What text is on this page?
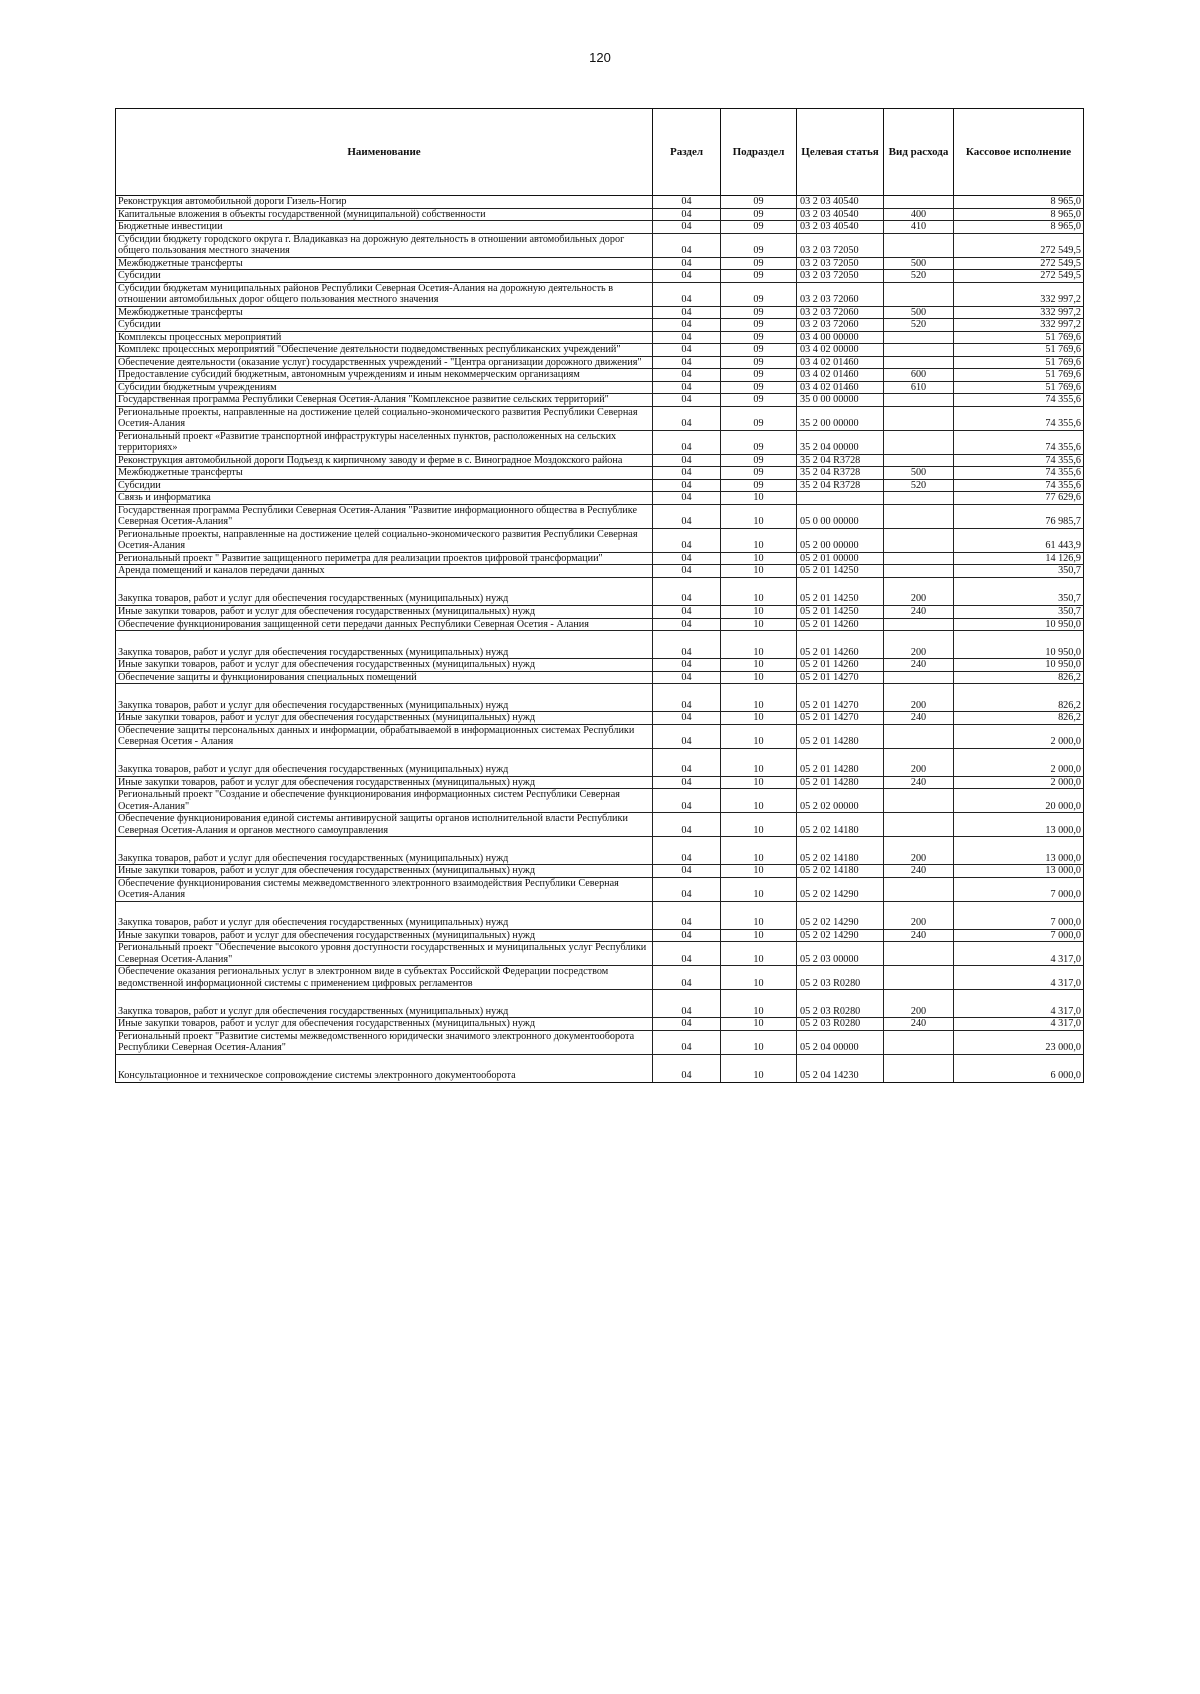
120
Наименование	Раздел	Подраздел	Целевая статья	Вид расхода	Кассовое исполнение
Реконструкция автомобильной дороги Гизель-Ногир	04	09	03 2 03 40540		8 965,0
Капитальные вложения в объекты государственной (муниципальной) собственности	04	09	03 2 03 40540	400	8 965,0
Бюджетные инвестиции	04	09	03 2 03 40540	410	8 965,0
Субсидии бюджету городского округа г. Владикавказ на дорожную деятельность в отношении автомобильных дорог общего пользования местного значения	04	09	03 2 03 72050		272 549,5
Межбюджетные трансферты	04	09	03 2 03 72050	500	272 549,5
Субсидии	04	09	03 2 03 72050	520	272 549,5
Субсидии бюджетам муниципальных районов Республики Северная Осетия-Алания на дорожную деятельность в отношении автомобильных дорог общего пользования местного значения	04	09	03 2 03 72060		332 997,2
Межбюджетные трансферты	04	09	03 2 03 72060	500	332 997,2
Субсидии	04	09	03 2 03 72060	520	332 997,2
Комплексы процессных мероприятий	04	09	03 4 00 00000		51 769,6
Комплекс процессных мероприятий "Обеспечение деятельности подведомственных республиканских учреждений"	04	09	03 4 02 00000		51 769,6
Обеспечение деятельности (оказание услуг) государственных учреждений - "Центра организации дорожного движения"	04	09	03 4 02 01460		51 769,6
Предоставление субсидий бюджетным, автономным учреждениям и иным некоммерческим организациям	04	09	03 4 02 01460	600	51 769,6
Субсидии бюджетным учреждениям	04	09	03 4 02 01460	610	51 769,6
Государственная программа Республики Северная Осетия-Алания "Комплексное развитие сельских территорий"	04	09	35 0 00 00000		74 355,6
Региональные проекты, направленные на достижение целей социально-экономического развития Республики Северная Осетия-Алания	04	09	35 2 00 00000		74 355,6
Региональный проект «Развитие транспортной инфраструктуры населенных пунктов, расположенных на сельских территориях»	04	09	35 2 04 00000		74 355,6
Реконструкция автомобильной дороги Подъезд к кирпичному заводу и ферме в с. Виноградное Моздокского района	04	09	35 2 04 R3728		74 355,6
Межбюджетные трансферты	04	09	35 2 04 R3728	500	74 355,6
Субсидии	04	09	35 2 04 R3728	520	74 355,6
Связь и информатика	04	10			77 629,6
Государственная программа Республики Северная Осетия-Алания "Развитие информационного общества в Республике Северная Осетия-Алания"	04	10	05 0 00 00000		76 985,7
Региональные проекты, направленные на достижение целей социально-экономического развития Республики Северная Осетия-Алания	04	10	05 2 00 00000		61 443,9
Региональный проект " Развитие защищенного периметра для реализации проектов цифровой трансформации"	04	10	05 2 01 00000		14 126,9
Аренда помещений и каналов передачи данных	04	10	05 2 01 14250		350,7
Закупка товаров, работ и услуг для обеспечения государственных (муниципальных) нужд	04	10	05 2 01 14250	200	350,7
Иные закупки товаров, работ и услуг для обеспечения государственных (муниципальных) нужд	04	10	05 2 01 14250	240	350,7
Обеспечение функционирования защищенной сети передачи данных Республики Северная Осетия - Алания	04	10	05 2 01 14260		10 950,0
Закупка товаров, работ и услуг для обеспечения государственных (муниципальных) нужд	04	10	05 2 01 14260	200	10 950,0
Иные закупки товаров, работ и услуг для обеспечения государственных (муниципальных) нужд	04	10	05 2 01 14260	240	10 950,0
Обеспечение защиты и функционирования специальных помещений	04	10	05 2 01 14270		826,2
Закупка товаров, работ и услуг для обеспечения государственных (муниципальных) нужд	04	10	05 2 01 14270	200	826,2
Иные закупки товаров, работ и услуг для обеспечения государственных (муниципальных) нужд	04	10	05 2 01 14270	240	826,2
Обеспечение защиты персональных данных и информации, обрабатываемой в информационных системах Республики Северная Осетия - Алания	04	10	05 2 01 14280		2 000,0
Закупка товаров, работ и услуг для обеспечения государственных (муниципальных) нужд	04	10	05 2 01 14280	200	2 000,0
Иные закупки товаров, работ и услуг для обеспечения государственных (муниципальных) нужд	04	10	05 2 01 14280	240	2 000,0
Региональный проект "Создание и обеспечение функционирования информационных систем Республики Северная Осетия-Алания"	04	10	05 2 02 00000		20 000,0
Обеспечение функционирования единой системы антивирусной защиты органов исполнительной власти Республики Северная Осетия-Алания и органов местного самоуправления	04	10	05 2 02 14180		13 000,0
Закупка товаров, работ и услуг для обеспечения государственных (муниципальных) нужд	04	10	05 2 02 14180	200	13 000,0
Иные закупки товаров, работ и услуг для обеспечения государственных (муниципальных) нужд	04	10	05 2 02 14180	240	13 000,0
Обеспечение функционирования системы межведомственного электронного взаимодействия Республики Северная Осетия-Алания	04	10	05 2 02 14290		7 000,0
Закупка товаров, работ и услуг для обеспечения государственных (муниципальных) нужд	04	10	05 2 02 14290	200	7 000,0
Иные закупки товаров, работ и услуг для обеспечения государственных (муниципальных) нужд	04	10	05 2 02 14290	240	7 000,0
Региональный проект "Обеспечение высокого уровня доступности государственных и муниципальных услуг Республики Северная Осетия-Алания"	04	10	05 2 03 00000		4 317,0
Обеспечение оказания региональных услуг в электронном виде в субъектах Российской Федерации посредством ведомственной информационной системы с применением цифровых регламентов	04	10	05 2 03 R0280		4 317,0
Закупка товаров, работ и услуг для обеспечения государственных (муниципальных) нужд	04	10	05 2 03 R0280	200	4 317,0
Иные закупки товаров, работ и услуг для обеспечения государственных (муниципальных) нужд	04	10	05 2 03 R0280	240	4 317,0
Региональный проект "Развитие системы межведомственного юридически значимого электронного документооборота Республики Северная Осетия-Алания"	04	10	05 2 04 00000		23 000,0
Консультационное и техническое сопровождение системы электронного документооборота	04	10	05 2 04 14230		6 000,0
